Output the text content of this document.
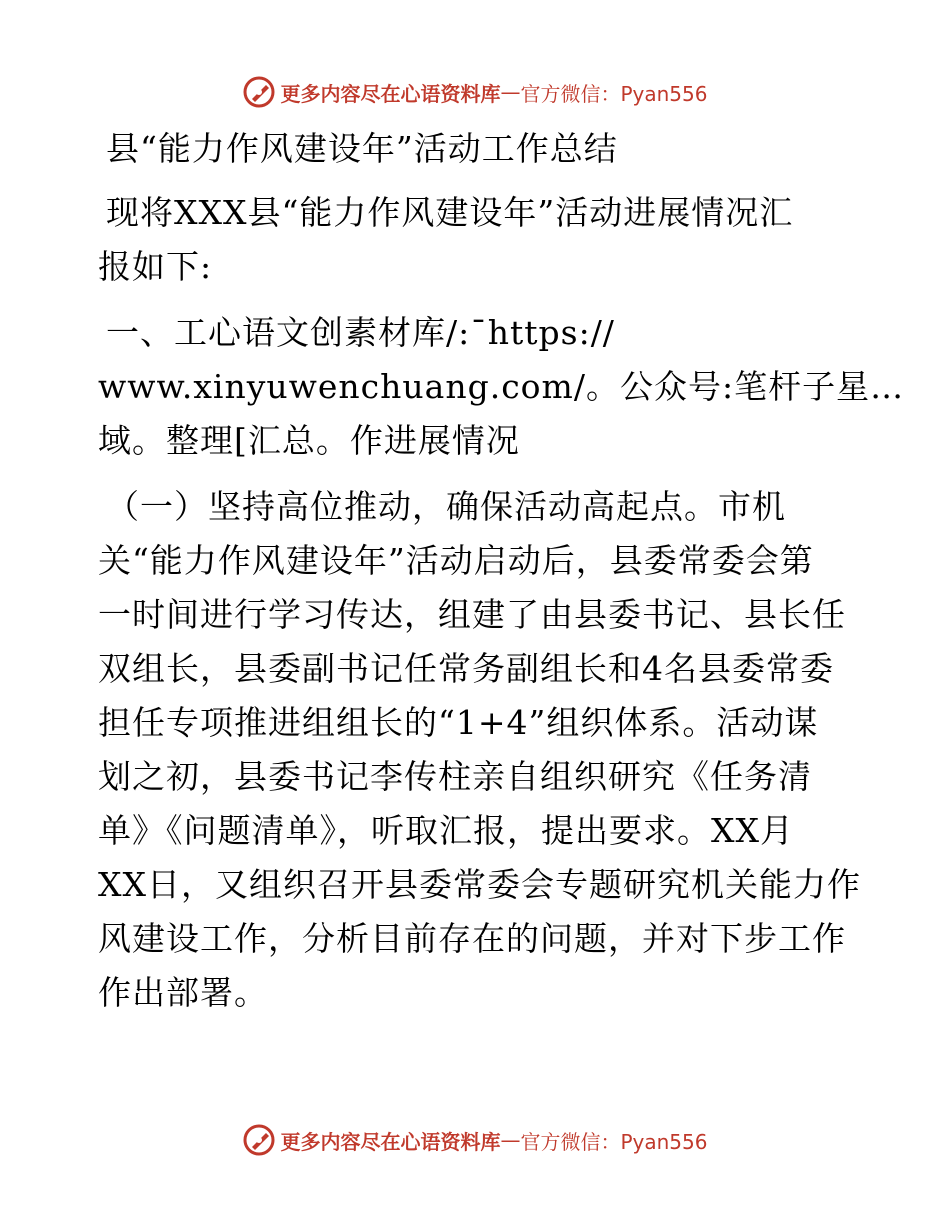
更多内容尽在心语资料库 — 官方微信：Pyan556
县“能力作风建设年”活动工作总结
现将XXX县“能力作风建设年”活动进展情况汇
报如下:
一、工心语文创素材库/:¯https://
www.xinyuwenchuang.com/。公众号:笔杆子星…
域。整理[汇总。作进展情况
（一）坚持高位推动，确保活动高起点。市机
关“能力作风建设年”活动启动后，县委常委会第
一时间进行学习传达，组建了由县委书记、县长任
双组长，县委副书记任常务副组长和4名县委常委
担任专项推进组组长的“1+4”组织体系。活动谋
划之初，县委书记李传柱亲自组织研究《任务清
单》《问题清单》，听取汇报，提出要求。XX月
XX日，又组织召开县委常委会专题研究机关能力作
风建设工作，分析目前存在的问题，并对下步工作
作出部署。
更多内容尽在心语资料库 — 官方微信：Pyan556
